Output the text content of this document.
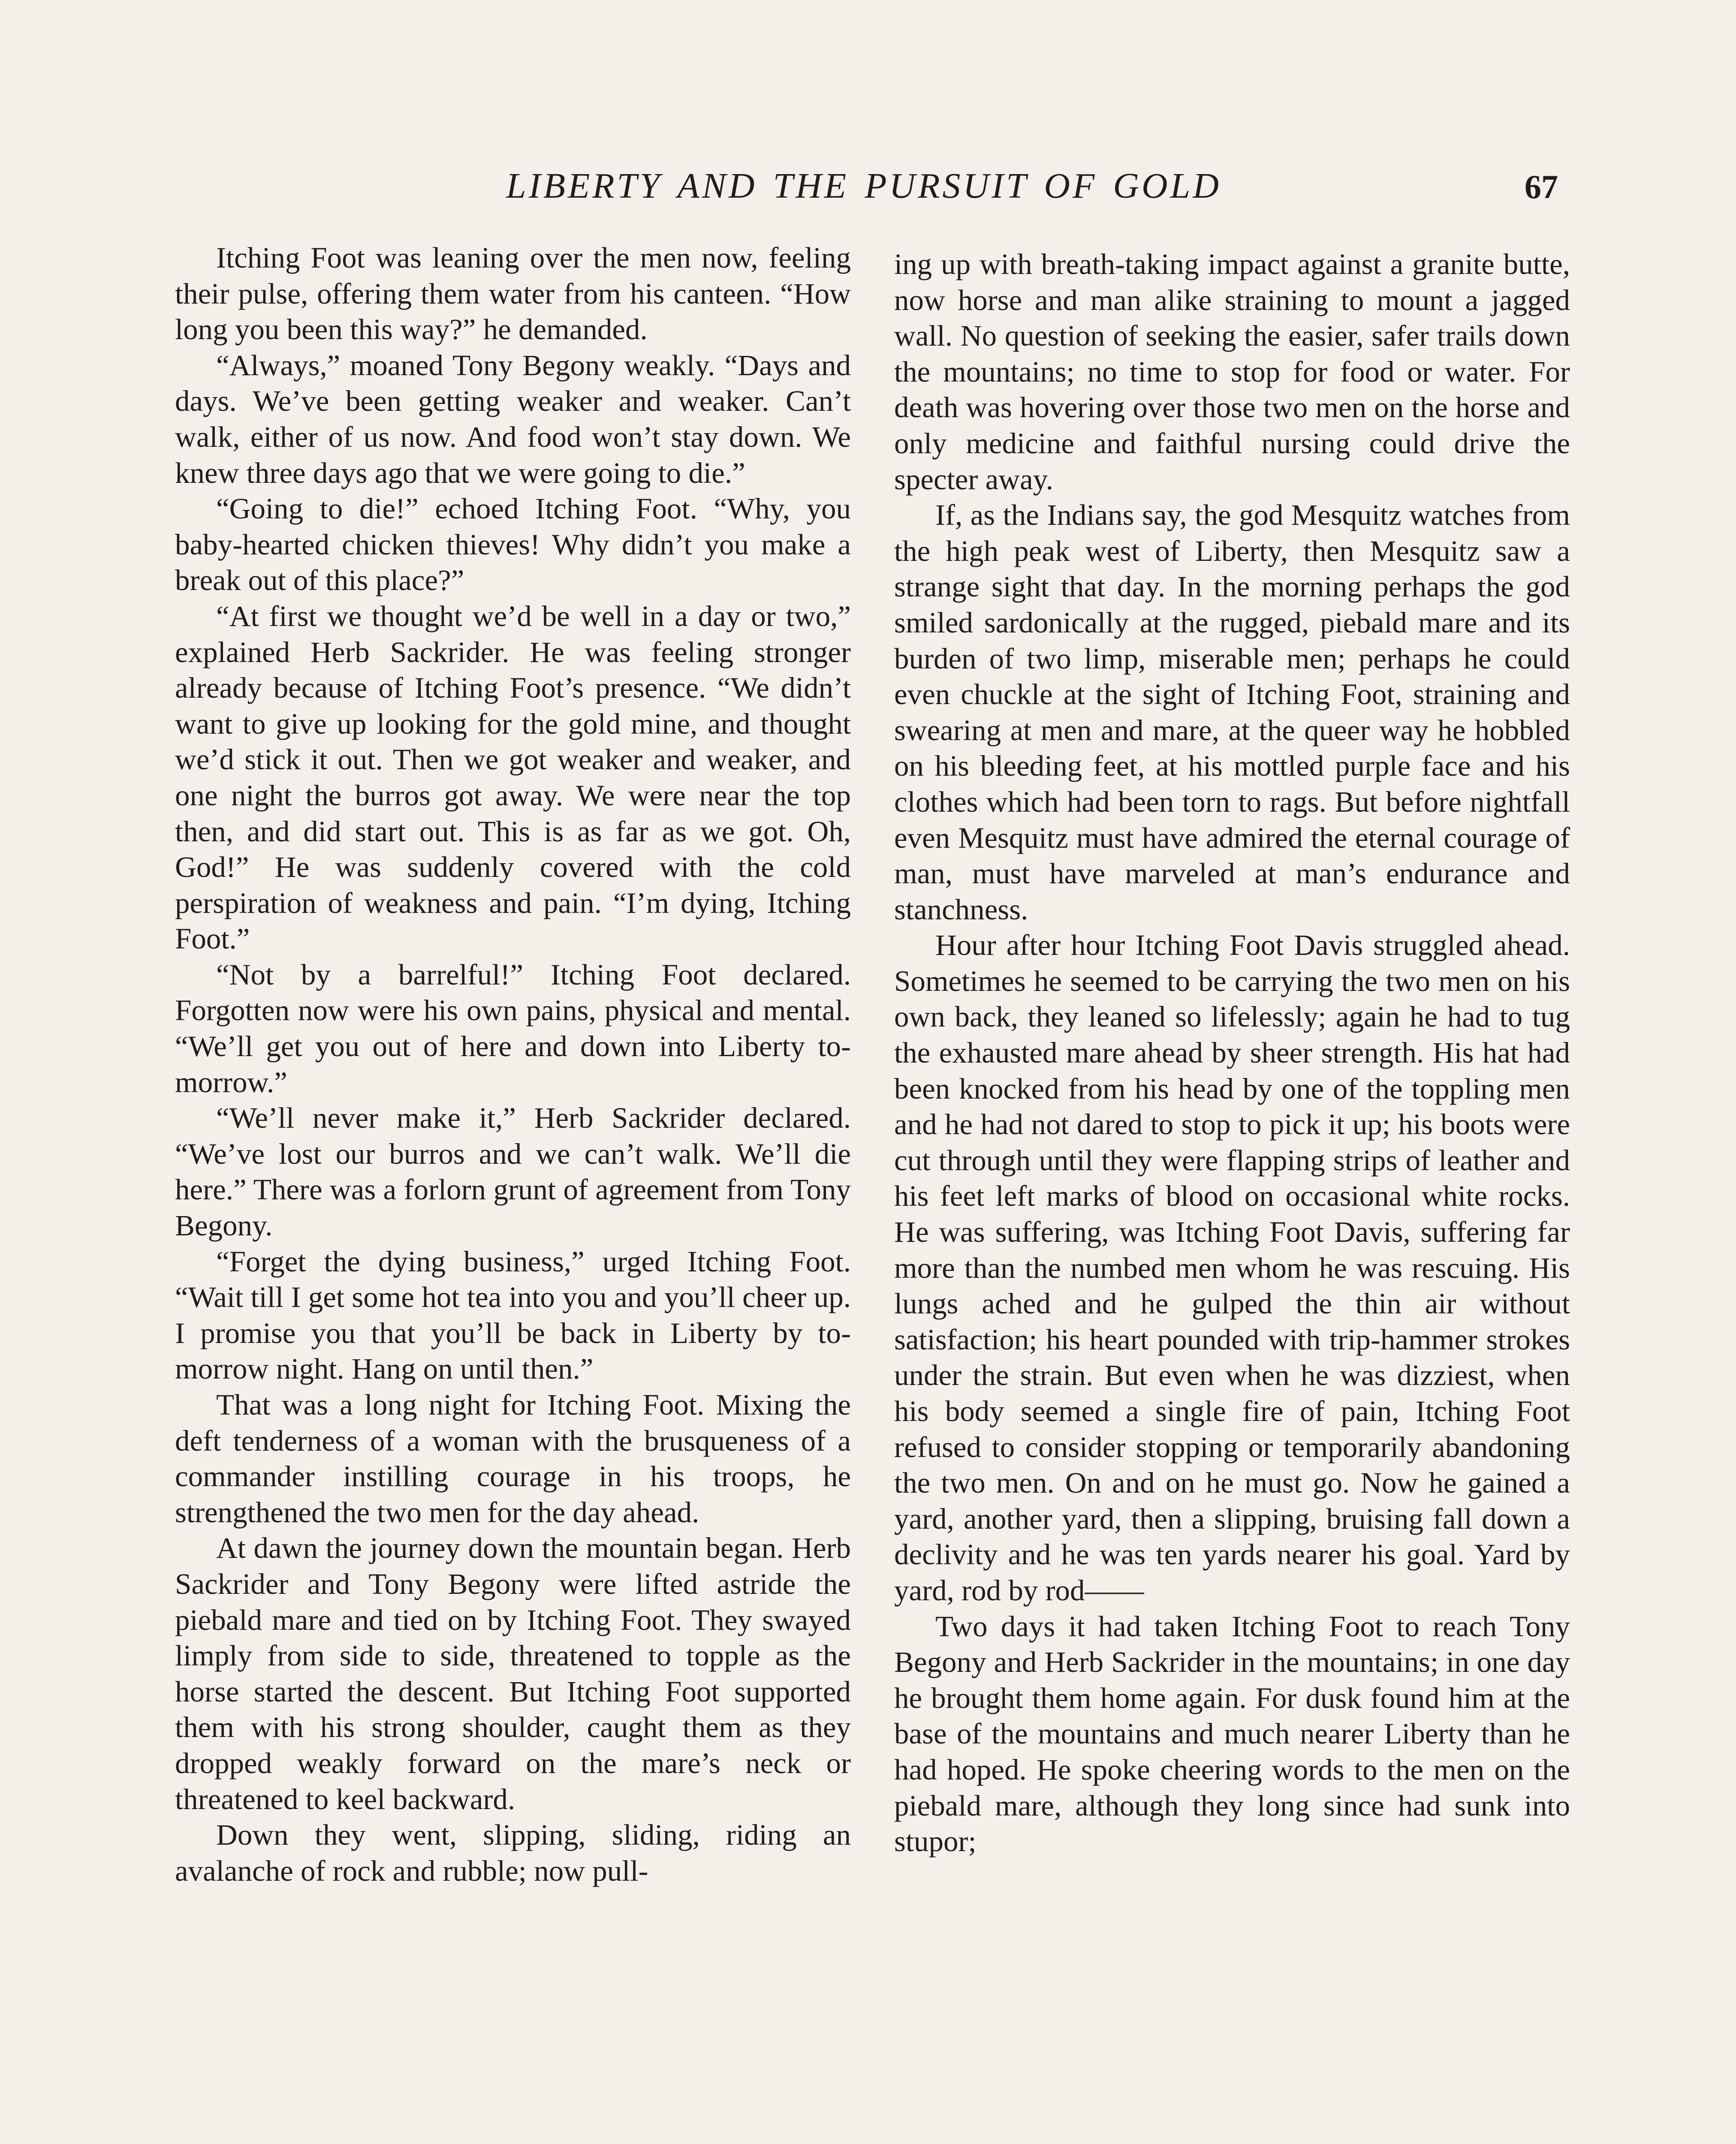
LIBERTY AND THE PURSUIT OF GOLD	67

Itching Foot was leaning over the men now, feeling their pulse, offering them water from his canteen. “How long you been this way?” he demanded.

“Always,” moaned Tony Begony weakly. “Days and days. We’ve been getting weaker and weaker. Can’t walk, either of us now. And food won’t stay down. We knew three days ago that we were going to die.”

“Going to die!” echoed Itching Foot. “Why, you baby-hearted chicken thieves! Why didn’t you make a break out of this place?”

“At first we thought we’d be well in a day or two,” explained Herb Sackrider. He was feeling stronger already because of Itching Foot’s presence. “We didn’t want to give up looking for the gold mine, and thought we’d stick it out. Then we got weaker and weaker, and one night the burros got away. We were near the top then, and did start out. This is as far as we got. Oh, God!” He was suddenly covered with the cold perspiration of weakness and pain. “I’m dying, Itching Foot.”

“Not by a barrelful!” Itching Foot declared. Forgotten now were his own pains, physical and mental. “We’ll get you out of here and down into Liberty to-morrow.”

“We’ll never make it,” Herb Sackrider declared. “We’ve lost our burros and we can’t walk. We’ll die here.” There was a forlorn grunt of agreement from Tony Begony.

“Forget the dying business,” urged Itching Foot. “Wait till I get some hot tea into you and you’ll cheer up. I promise you that you’ll be back in Liberty by to-morrow night. Hang on until then.”

That was a long night for Itching Foot. Mixing the deft tenderness of a woman with the brusqueness of a commander instilling courage in his troops, he strengthened the two men for the day ahead.

At dawn the journey down the mountain began. Herb Sackrider and Tony Begony were lifted astride the piebald mare and tied on by Itching Foot. They swayed limply from side to side, threatened to topple as the horse started the descent. But Itching Foot supported them with his strong shoulder, caught them as they dropped weakly forward on the mare’s neck or threatened to keel backward.

Down they went, slipping, sliding, riding an avalanche of rock and rubble; now pull-

ing up with breath-taking impact against a granite butte, now horse and man alike straining to mount a jagged wall. No question of seeking the easier, safer trails down the mountains; no time to stop for food or water. For death was hovering over those two men on the horse and only medicine and faithful nursing could drive the specter away.

If, as the Indians say, the god Mesquitz watches from the high peak west of Liberty, then Mesquitz saw a strange sight that day. In the morning perhaps the god smiled sardonically at the rugged, piebald mare and its burden of two limp, miserable men; perhaps he could even chuckle at the sight of Itching Foot, straining and swearing at men and mare, at the queer way he hobbled on his bleeding feet, at his mottled purple face and his clothes which had been torn to rags. But before nightfall even Mesquitz must have admired the eternal courage of man, must have marveled at man’s endurance and stanchness.

Hour after hour Itching Foot Davis struggled ahead. Sometimes he seemed to be carrying the two men on his own back, they leaned so lifelessly; again he had to tug the exhausted mare ahead by sheer strength. His hat had been knocked from his head by one of the toppling men and he had not dared to stop to pick it up; his boots were cut through until they were flapping strips of leather and his feet left marks of blood on occasional white rocks. He was suffering, was Itching Foot Davis, suffering far more than the numbed men whom he was rescuing. His lungs ached and he gulped the thin air without satisfaction; his heart pounded with trip-hammer strokes under the strain. But even when he was dizziest, when his body seemed a single fire of pain, Itching Foot refused to consider stopping or temporarily abandoning the two men. On and on he must go. Now he gained a yard, another yard, then a slipping, bruising fall down a declivity and he was ten yards nearer his goal. Yard by yard, rod by rod——

Two days it had taken Itching Foot to reach Tony Begony and Herb Sackrider in the mountains; in one day he brought them home again. For dusk found him at the base of the mountains and much nearer Liberty than he had hoped. He spoke cheering words to the men on the piebald mare, although they long since had sunk into stupor;
